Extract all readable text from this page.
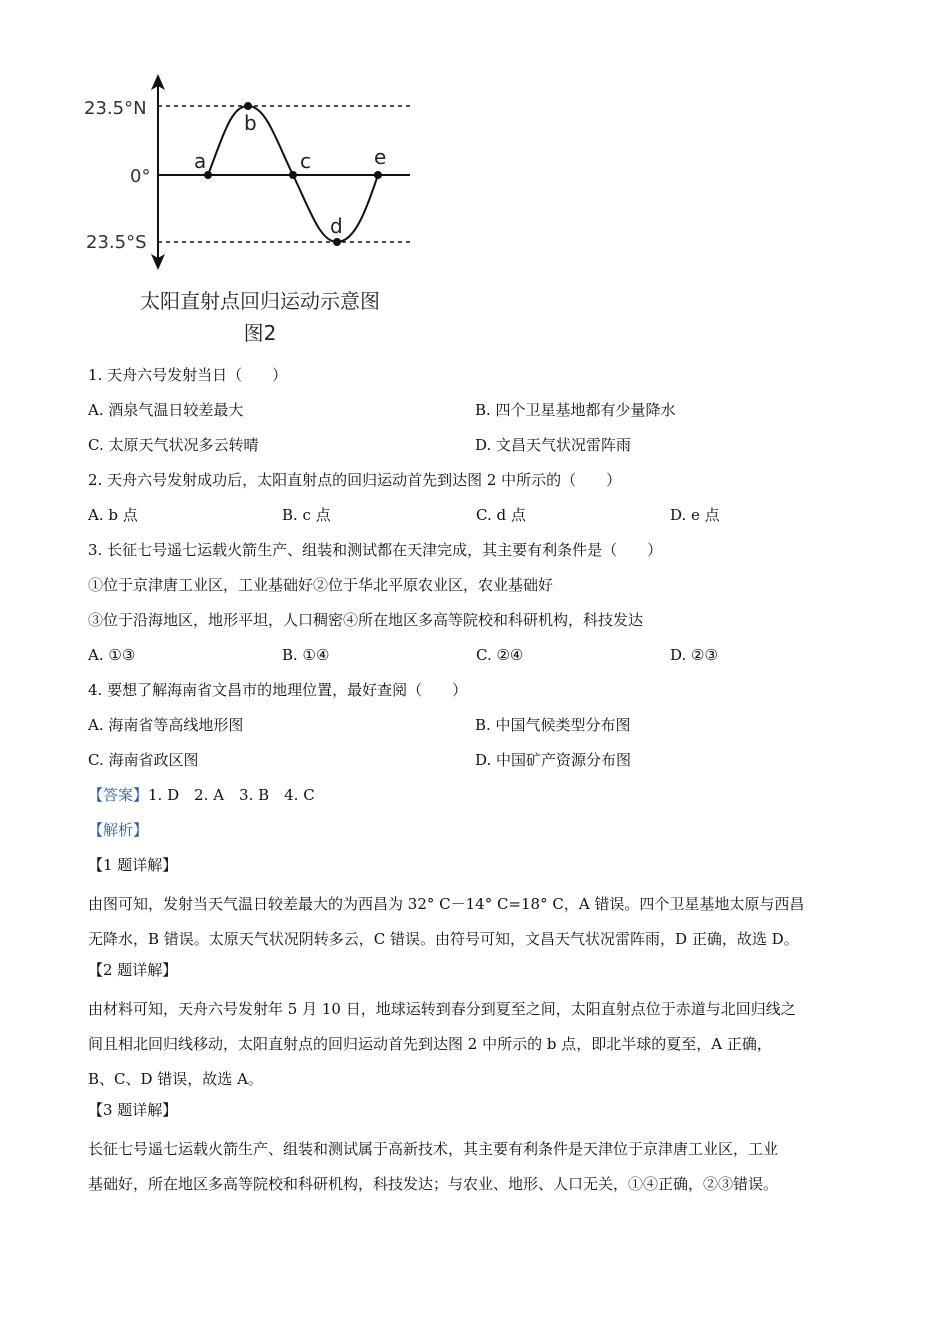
a
b
c
d
e
23.5°N
0°
23.5°S
太阳直射点回归运动示意图
图2
1. 天舟六号发射当日（　　）
A. 酒泉气温日较差最大	B. 四个卫星基地都有少量降水
C. 太原天气状况多云转晴	D. 文昌天气状况雷阵雨
2. 天舟六号发射成功后，太阳直射点的回归运动首先到达图 2 中所示的（　　）
A. b 点	B. c 点	C. d 点	D. e 点
3. 长征七号遥七运载火箭生产、组装和测试都在天津完成，其主要有利条件是（　　）
①位于京津唐工业区，工业基础好②位于华北平原农业区，农业基础好
③位于沿海地区，地形平坦，人口稠密④所在地区多高等院校和科研机构，科技发达
A. ①③	B. ①④	C. ②④	D. ②③
4. 要想了解海南省文昌市的地理位置，最好查阅（　　）
A. 海南省等高线地形图	B. 中国气候类型分布图
C. 海南省政区图	D. 中国矿产资源分布图
【答案】1. D　2. A　3. B　4. C
【解析】
【1 题详解】
由图可知，发射当天气温日较差最大的为西昌为 32° C－14° C=18° C，A 错误。四个卫星基地太原与西昌
无降水，B 错误。太原天气状况阴转多云，C 错误。由符号可知，文昌天气状况雷阵雨，D 正确，故选 D。
【2 题详解】
由材料可知，天舟六号发射年 5 月 10 日，地球运转到春分到夏至之间，太阳直射点位于赤道与北回归线之
间且相北回归线移动，太阳直射点的回归运动首先到达图 2 中所示的 b 点，即北半球的夏至，A 正确，
B、C、D 错误，故选 A。
【3 题详解】
长征七号遥七运载火箭生产、组装和测试属于高新技术，其主要有利条件是天津位于京津唐工业区，工业
基础好，所在地区多高等院校和科研机构，科技发达；与农业、地形、人口无关，①④正确，②③错误。
